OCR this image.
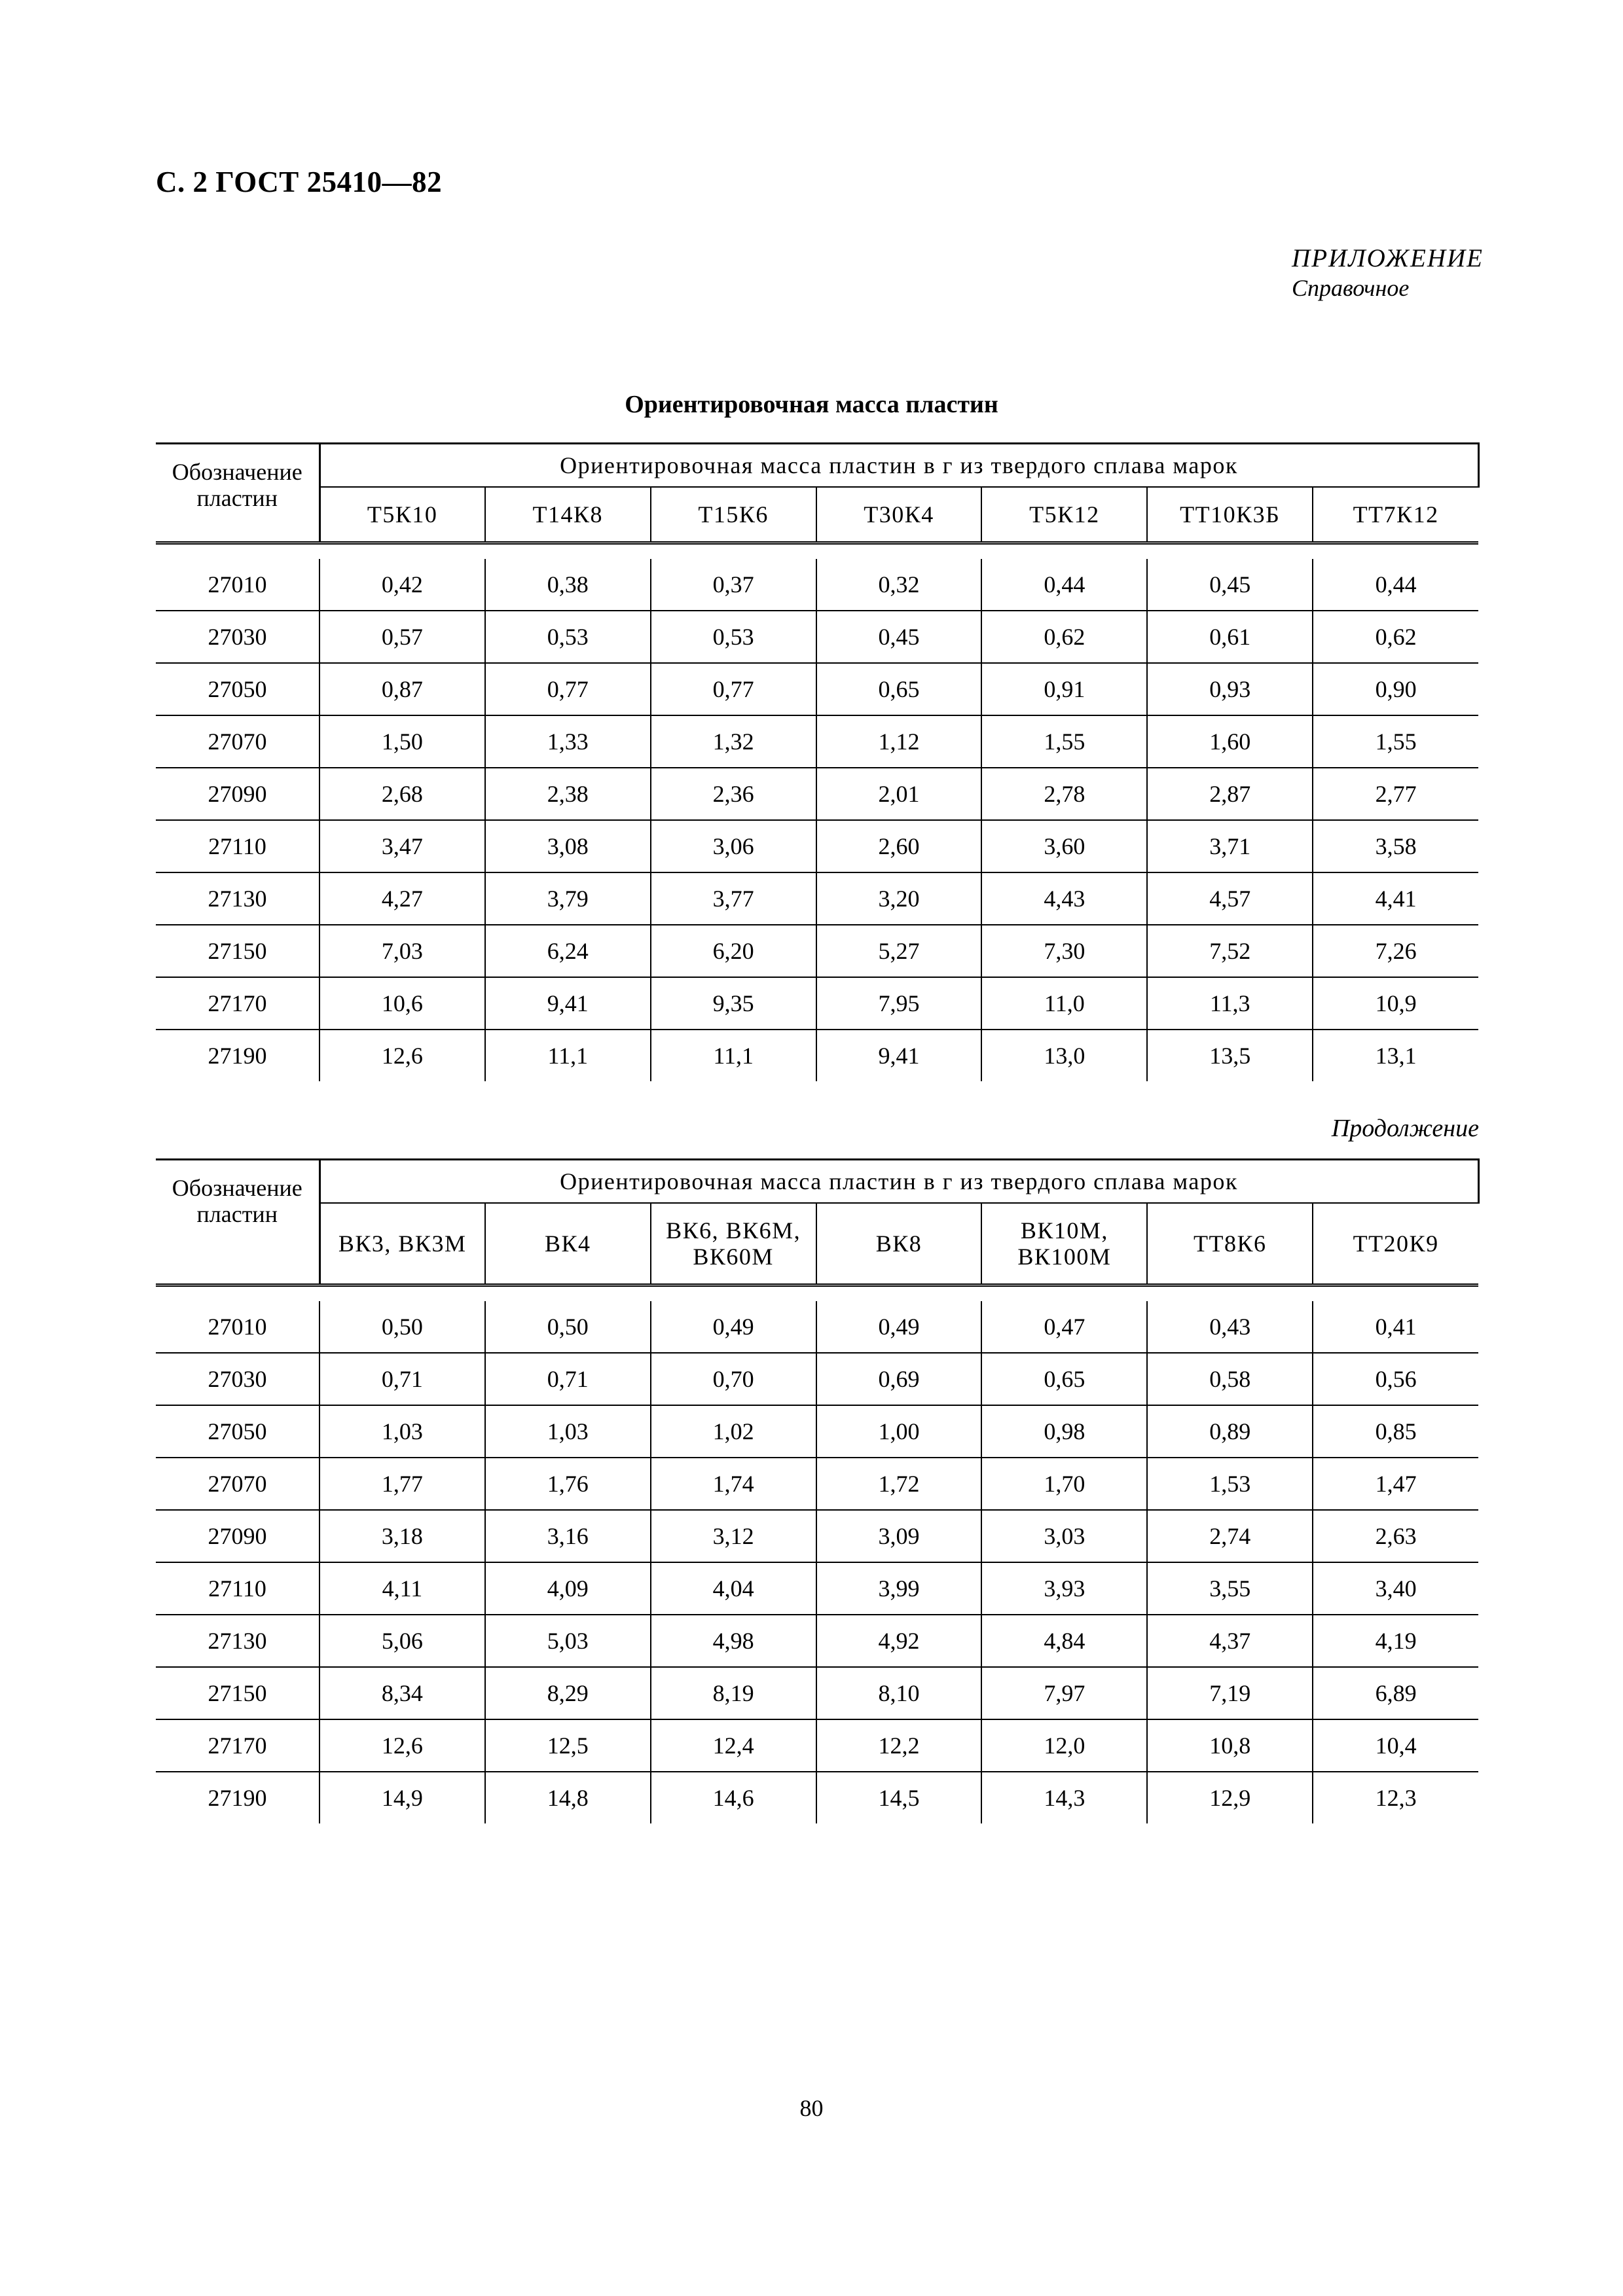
С. 2 ГОСТ 25410—82
ПРИЛОЖЕНИЕ
Справочное
Ориентировочная масса пластин
Обозначение пластин	Ориентировочная масса пластин в г из твердого сплава марок						
	Т5К10	Т14К8	Т15К6	Т30К4	Т5К12	ТТ10К3Б	ТТ7К12

27010	0,42	0,38	0,37	0,32	0,44	0,45	0,44
27030	0,57	0,53	0,53	0,45	0,62	0,61	0,62
27050	0,87	0,77	0,77	0,65	0,91	0,93	0,90
27070	1,50	1,33	1,32	1,12	1,55	1,60	1,55
27090	2,68	2,38	2,36	2,01	2,78	2,87	2,77
27110	3,47	3,08	3,06	2,60	3,60	3,71	3,58
27130	4,27	3,79	3,77	3,20	4,43	4,57	4,41
27150	7,03	6,24	6,20	5,27	7,30	7,52	7,26
27170	10,6	9,41	9,35	7,95	11,0	11,3	10,9
27190	12,6	11,1	11,1	9,41	13,0	13,5	13,1
Продолжение
Обозначение пластин	Ориентировочная масса пластин в г из твердого сплава марок						
	ВК3, ВК3М	ВК4	ВК6, ВК6М, ВК60М	ВК8	ВК10М, ВК100М	ТТ8К6	ТТ20К9

27010	0,50	0,50	0,49	0,49	0,47	0,43	0,41
27030	0,71	0,71	0,70	0,69	0,65	0,58	0,56
27050	1,03	1,03	1,02	1,00	0,98	0,89	0,85
27070	1,77	1,76	1,74	1,72	1,70	1,53	1,47
27090	3,18	3,16	3,12	3,09	3,03	2,74	2,63
27110	4,11	4,09	4,04	3,99	3,93	3,55	3,40
27130	5,06	5,03	4,98	4,92	4,84	4,37	4,19
27150	8,34	8,29	8,19	8,10	7,97	7,19	6,89
27170	12,6	12,5	12,4	12,2	12,0	10,8	10,4
27190	14,9	14,8	14,6	14,5	14,3	12,9	12,3
80
